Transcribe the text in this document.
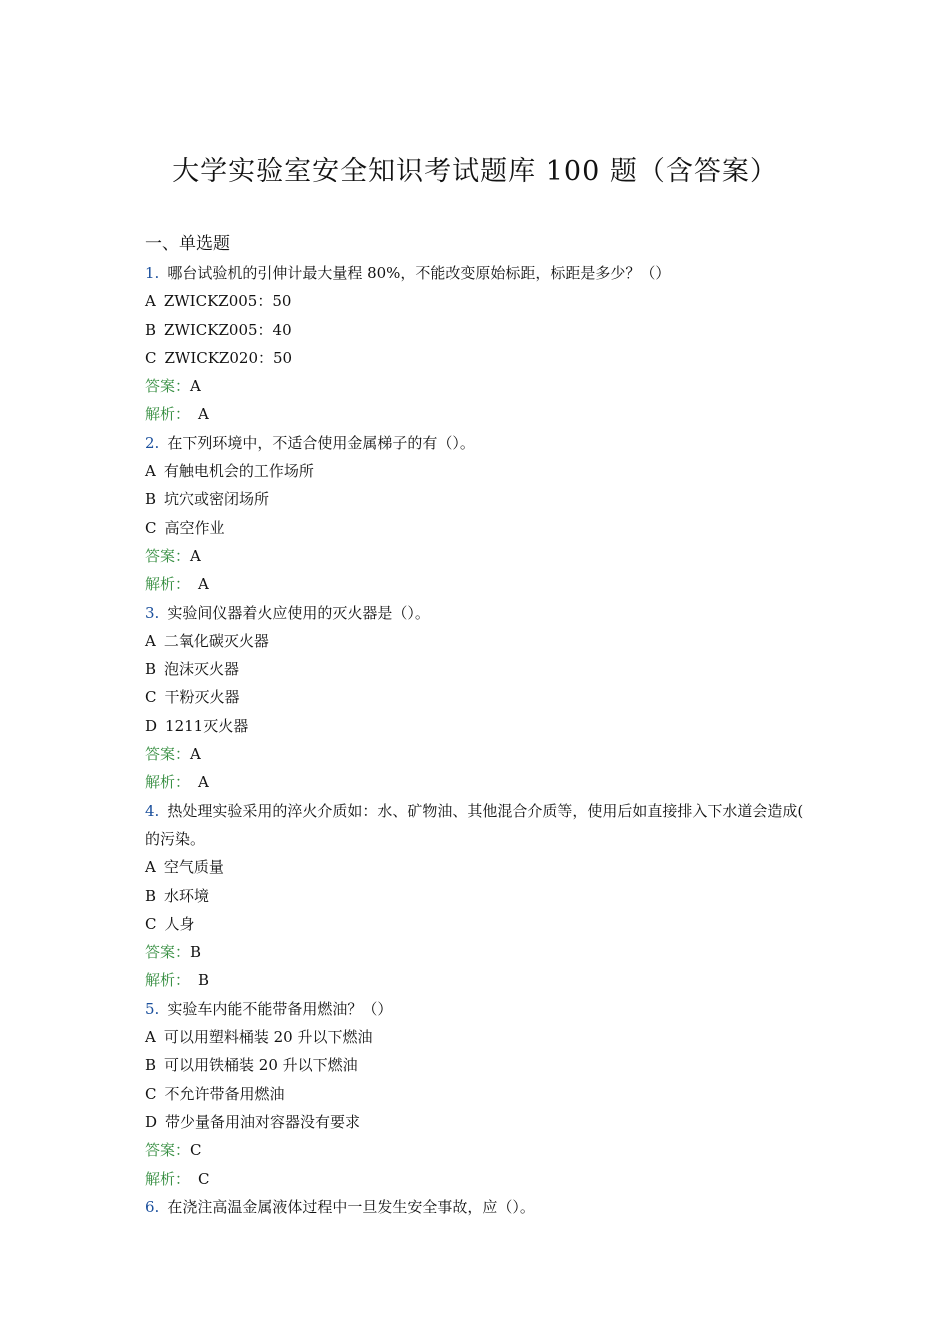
大学实验室安全知识考试题库 100 题（含答案）
一、单选题
1. 哪台试验机的引伸计最大量程 80%，不能改变原始标距，标距是多少？（）
A ZWICKZ005：50
B ZWICKZ005：40
C ZWICKZ020：50
答案：A
解析： A
2. 在下列环境中，不适合使用金属梯子的有（）。
A 有触电机会的工作场所
B 坑穴或密闭场所
C 高空作业
答案：A
解析： A
3. 实验间仪器着火应使用的灭火器是（）。
A 二氧化碳灭火器
B 泡沫灭火器
C 干粉灭火器
D 1211灭火器
答案：A
解析： A
4. 热处理实验采用的淬火介质如：水、矿物油、其他混合介质等，使用后如直接排入下水道会造成( 的污染。
A 空气质量
B 水环境
C 人身
答案：B
解析： B
5. 实验车内能不能带备用燃油？（）
A 可以用塑料桶装 20 升以下燃油
B 可以用铁桶装 20 升以下燃油
C 不允许带备用燃油
D 带少量备用油对容器没有要求
答案：C
解析： C
6. 在浇注高温金属液体过程中一旦发生安全事故，应（）。
